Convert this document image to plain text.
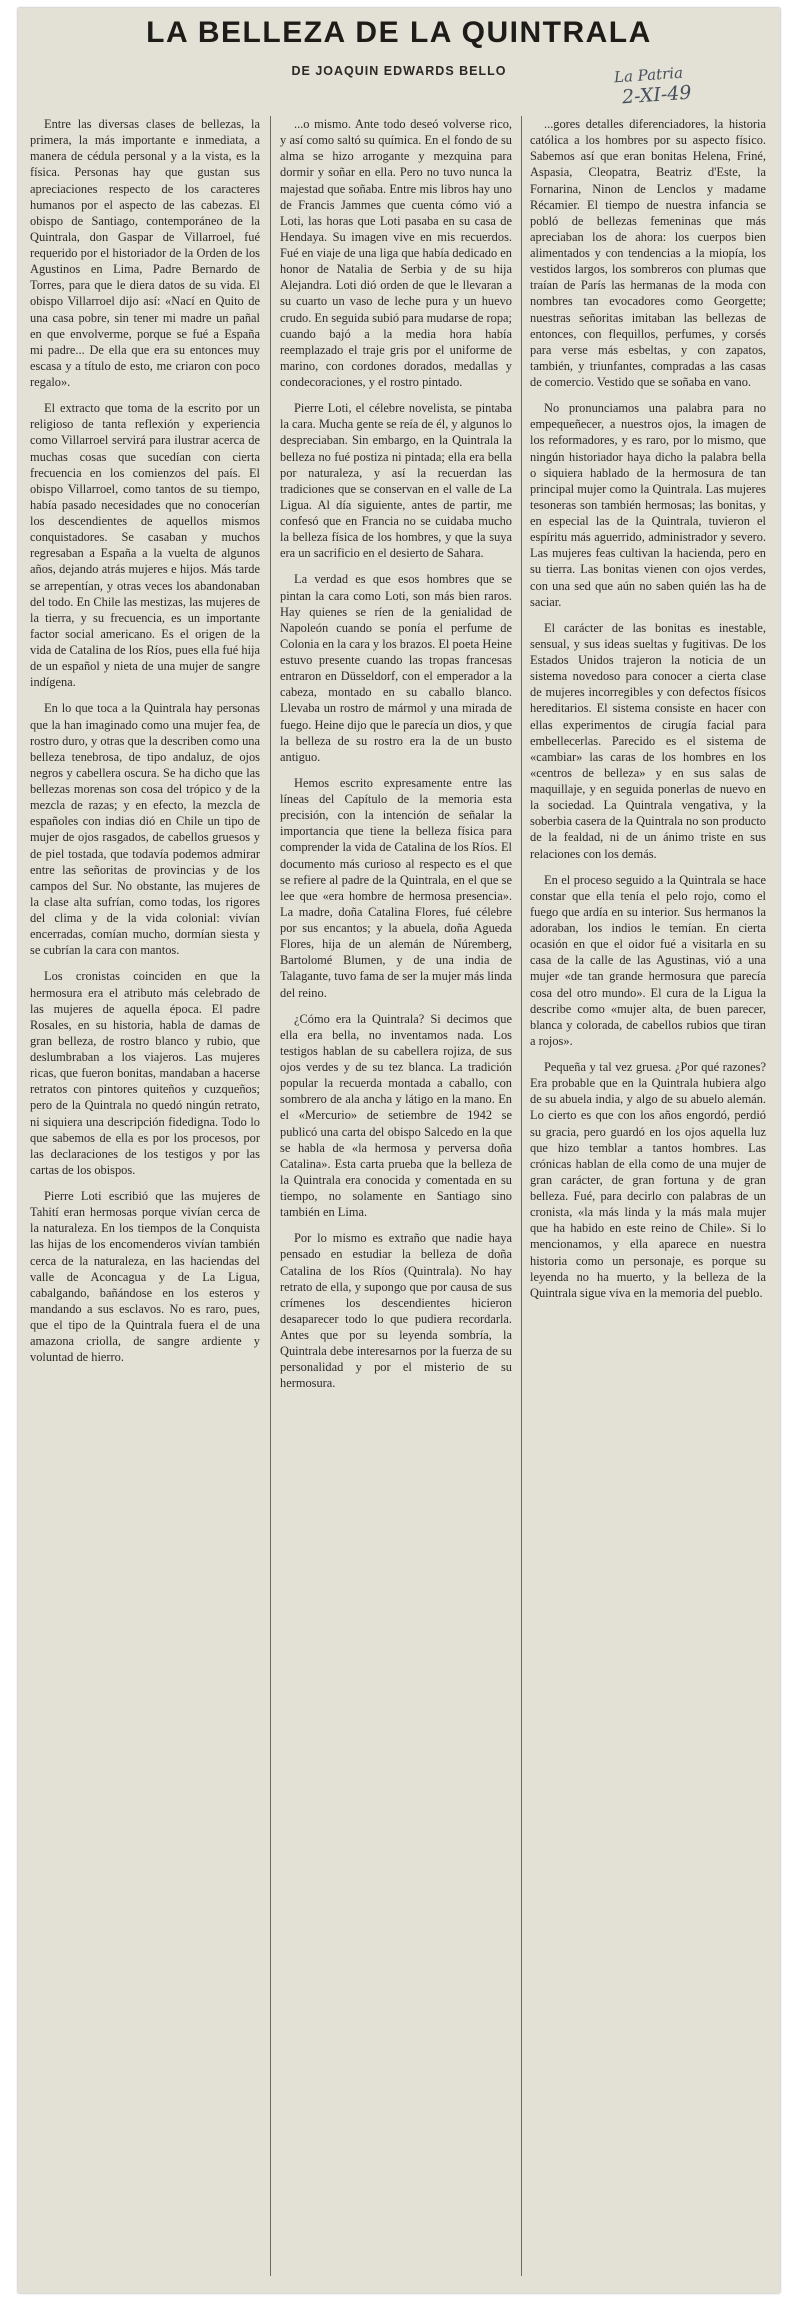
LA BELLEZA DE LA QUINTRALA
DE JOAQUIN EDWARDS BELLO	La Patria
2-XI-49

Entre las diversas clases de bellezas, la primera, la más importante e inmediata, a manera de cédula personal y a la vista, es la física. Personas hay que gustan sus apreciaciones respecto de los caracteres humanos por el aspecto de las cabezas. El obispo de Santiago, contemporáneo de la Quintrala, don Gaspar de Villarroel, fué requerido por el historiador de la Orden de los Agustinos en Lima, Padre Bernardo de Torres, para que le diera datos de su vida. El obispo Villarroel dijo así: «Nací en Quito de una casa pobre, sin tener mi madre un pañal en que envolverme, porque se fué a España mi padre... De ella que era su entonces muy escasa y a título de esto, me criaron con poco regalo».

El extracto que toma de la escrito por un religioso de tanta reflexión y experiencia como Villarroel servirá para ilustrar acerca de muchas cosas que sucedían con cierta frecuencia en los comienzos del país. El obispo Villarroel, como tantos de su tiempo, había pasado necesidades que no conocerían los descendientes de aquellos mismos conquistadores. Se casaban y muchos regresaban a España a la vuelta de algunos años, dejando atrás mujeres e hijos. Más tarde se arrepentían, y otras veces los abandonaban del todo. En Chile las mestizas, las mujeres de la tierra, y su frecuencia, es un importante factor social americano. Es el origen de la vida de Catalina de los Ríos, pues ella fué hija de un español y nieta de una mujer de sangre indígena.

En lo que toca a la Quintrala hay personas que la han imaginado como una mujer fea, de rostro duro, y otras que la describen como una belleza tenebrosa, de tipo andaluz, de ojos negros y cabellera oscura. Se ha dicho que las bellezas morenas son cosa del trópico y de la mezcla de razas; y en efecto, la mezcla de españoles con indias dió en Chile un tipo de mujer de ojos rasgados, de cabellos gruesos y de piel tostada, que todavía podemos admirar entre las señoritas de provincias y de los campos del Sur. No obstante, las mujeres de la clase alta sufrían, como todas, los rigores del clima y de la vida colonial: vivían encerradas, comían mucho, dormían siesta y se cubrían la cara con mantos.

Los cronistas coinciden en que la hermosura era el atributo más celebrado de las mujeres de aquella época. El padre Rosales, en su historia, habla de damas de gran belleza, de rostro blanco y rubio, que deslumbraban a los viajeros. Las mujeres ricas, que fueron bonitas, mandaban a hacerse retratos con pintores quiteños y cuzqueños; pero de la Quintrala no quedó ningún retrato, ni siquiera una descripción fidedigna. Todo lo que sabemos de ella es por los procesos, por las declaraciones de los testigos y por las cartas de los obispos.

Pierre Loti escribió que las mujeres de Tahití eran hermosas porque vivían cerca de la naturaleza. En los tiempos de la Conquista las hijas de los encomenderos vivían también cerca de la naturaleza, en las haciendas del valle de Aconcagua y de La Ligua, cabalgando, bañándose en los esteros y mandando a sus esclavos. No es raro, pues, que el tipo de la Quintrala fuera el de una amazona criolla, de sangre ardiente y voluntad de hierro.

...o mismo. Ante todo deseó volverse rico, y así como saltó su química. En el fondo de su alma se hizo arrogante y mezquina para dormir y soñar en ella. Pero no tuvo nunca la majestad que soñaba. Entre mis libros hay uno de Francis Jammes que cuenta cómo vió a Loti, las horas que Loti pasaba en su casa de Hendaya. Su imagen vive en mis recuerdos. Fué en viaje de una liga que había dedicado en honor de Natalia de Serbia y de su hija Alejandra. Loti dió orden de que le llevaran a su cuarto un vaso de leche pura y un huevo crudo. En seguida subió para mudarse de ropa; cuando bajó a la media hora había reemplazado el traje gris por el uniforme de marino, con cordones dorados, medallas y condecoraciones, y el rostro pintado.

Pierre Loti, el célebre novelista, se pintaba la cara. Mucha gente se reía de él, y algunos lo despreciaban. Sin embargo, en la Quintrala la belleza no fué postiza ni pintada; ella era bella por naturaleza, y así la recuerdan las tradiciones que se conservan en el valle de La Ligua. Al día siguiente, antes de partir, me confesó que en Francia no se cuidaba mucho la belleza física de los hombres, y que la suya era un sacrificio en el desierto de Sahara.

La verdad es que esos hombres que se pintan la cara como Loti, son más bien raros. Hay quienes se ríen de la genialidad de Napoleón cuando se ponía el perfume de Colonia en la cara y los brazos. El poeta Heine estuvo presente cuando las tropas francesas entraron en Düsseldorf, con el emperador a la cabeza, montado en su caballo blanco. Llevaba un rostro de mármol y una mirada de fuego. Heine dijo que le parecía un dios, y que la belleza de su rostro era la de un busto antiguo.

Hemos escrito expresamente entre las líneas del Capítulo de la memoria esta precisión, con la intención de señalar la importancia que tiene la belleza física para comprender la vida de Catalina de los Ríos. El documento más curioso al respecto es el que se refiere al padre de la Quintrala, en el que se lee que «era hombre de hermosa presencia». La madre, doña Catalina Flores, fué célebre por sus encantos; y la abuela, doña Agueda Flores, hija de un alemán de Núremberg, Bartolomé Blumen, y de una india de Talagante, tuvo fama de ser la mujer más linda del reino.

¿Cómo era la Quintrala? Si decimos que ella era bella, no inventamos nada. Los testigos hablan de su cabellera rojiza, de sus ojos verdes y de su tez blanca. La tradición popular la recuerda montada a caballo, con sombrero de ala ancha y látigo en la mano. En el «Mercurio» de setiembre de 1942 se publicó una carta del obispo Salcedo en la que se habla de «la hermosa y perversa doña Catalina». Esta carta prueba que la belleza de la Quintrala era conocida y comentada en su tiempo, no solamente en Santiago sino también en Lima.

Por lo mismo es extraño que nadie haya pensado en estudiar la belleza de doña Catalina de los Ríos (Quintrala). No hay retrato de ella, y supongo que por causa de sus crímenes los descendientes hicieron desaparecer todo lo que pudiera recordarla. Antes que por su leyenda sombría, la Quintrala debe interesarnos por la fuerza de su personalidad y por el misterio de su hermosura.

...gores detalles diferenciadores, la historia católica a los hombres por su aspecto físico. Sabemos así que eran bonitas Helena, Friné, Aspasia, Cleopatra, Beatriz d'Este, la Fornarina, Ninon de Lenclos y madame Récamier. El tiempo de nuestra infancia se pobló de bellezas femeninas que más apreciaban los de ahora: los cuerpos bien alimentados y con tendencias a la miopía, los vestidos largos, los sombreros con plumas que traían de París las hermanas de la moda con nombres tan evocadores como Georgette; nuestras señoritas imitaban las bellezas de entonces, con flequillos, perfumes, y corsés para verse más esbeltas, y con zapatos, también, y triunfantes, compradas a las casas de comercio. Vestido que se soñaba en vano.

No pronunciamos una palabra para no empequeñecer, a nuestros ojos, la imagen de los reformadores, y es raro, por lo mismo, que ningún historiador haya dicho la palabra bella o siquiera hablado de la hermosura de tan principal mujer como la Quintrala. Las mujeres tesoneras son también hermosas; las bonitas, y en especial las de la Quintrala, tuvieron el espíritu más aguerrido, administrador y severo. Las mujeres feas cultivan la hacienda, pero en su tierra. Las bonitas vienen con ojos verdes, con una sed que aún no saben quién las ha de saciar.

El carácter de las bonitas es inestable, sensual, y sus ideas sueltas y fugitivas. De los Estados Unidos trajeron la noticia de un sistema novedoso para conocer a cierta clase de mujeres incorregibles y con defectos físicos hereditarios. El sistema consiste en hacer con ellas experimentos de cirugía facial para embellecerlas. Parecido es el sistema de «cambiar» las caras de los hombres en los «centros de belleza» y en sus salas de maquillaje, y en seguida ponerlas de nuevo en la sociedad. La Quintrala vengativa, y la soberbia casera de la Quintrala no son producto de la fealdad, ni de un ánimo triste en sus relaciones con los demás.

En el proceso seguido a la Quintrala se hace constar que ella tenía el pelo rojo, como el fuego que ardía en su interior. Sus hermanos la adoraban, los indios le temían. En cierta ocasión en que el oidor fué a visitarla en su casa de la calle de las Agustinas, vió a una mujer «de tan grande hermosura que parecía cosa del otro mundo». El cura de la Ligua la describe como «mujer alta, de buen parecer, blanca y colorada, de cabellos rubios que tiran a rojos».

Pequeña y tal vez gruesa. ¿Por qué razones? Era probable que en la Quintrala hubiera algo de su abuela india, y algo de su abuelo alemán. Lo cierto es que con los años engordó, perdió su gracia, pero guardó en los ojos aquella luz que hizo temblar a tantos hombres. Las crónicas hablan de ella como de una mujer de gran carácter, de gran fortuna y de gran belleza. Fué, para decirlo con palabras de un cronista, «la más linda y la más mala mujer que ha habido en este reino de Chile». Si lo mencionamos, y ella aparece en nuestra historia como un personaje, es porque su leyenda no ha muerto, y la belleza de la Quintrala sigue viva en la memoria del pueblo.
